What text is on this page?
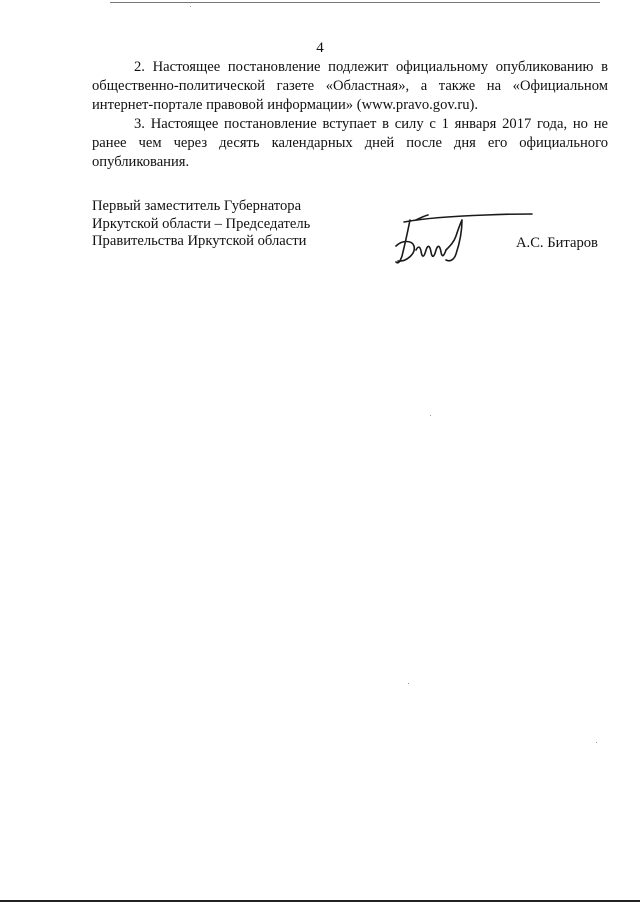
4

2. Настоящее постановление подлежит официальному опубликованию в общественно-политической газете «Областная», а также на «Официальном интернет-портале правовой информации» (www.pravo.gov.ru).

3. Настоящее постановление вступает в силу с 1 января 2017 года, но не ранее чем через десять календарных дней после дня его официального опубликования.

Первый заместитель Губернатора
Иркутской области – Председатель
Правительства Иркутской области	А.С. Битаров
